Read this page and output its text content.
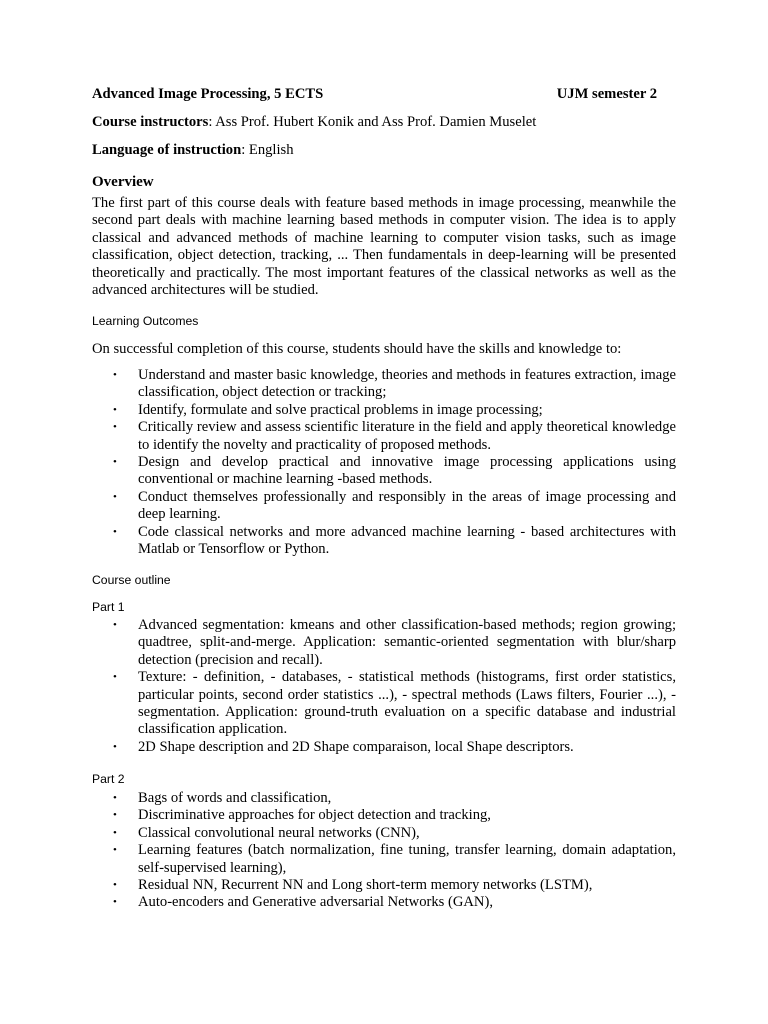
Advanced Image Processing, 5 ECTS	UJM semester 2

Course instructors: Ass Prof. Hubert Konik and Ass Prof. Damien Muselet

Language of instruction: English

Overview

The first part of this course deals with feature based methods in image processing, meanwhile the second part deals with machine learning based methods in computer vision. The idea is to apply classical and advanced methods of machine learning to computer vision tasks, such as image classification, object detection, tracking, ... Then fundamentals in deep-learning will be presented theoretically and practically. The most important features of the classical networks as well as the advanced architectures will be studied.

Learning Outcomes

On successful completion of this course, students should have the skills and knowledge to:

• Understand and master basic knowledge, theories and methods in features extraction, image classification, object detection or tracking;
• Identify, formulate and solve practical problems in image processing;
• Critically review and assess scientific literature in the field and apply theoretical knowledge to identify the novelty and practicality of proposed methods.
• Design and develop practical and innovative image processing applications using conventional or machine learning -based methods.
• Conduct themselves professionally and responsibly in the areas of image processing and deep learning.
• Code classical networks and more advanced machine learning - based architectures with Matlab or Tensorflow or Python.
Course outline
Part 1
• Advanced segmentation: kmeans and other classification-based methods; region growing; quadtree, split-and-merge. Application: semantic-oriented segmentation with blur/sharp detection (precision and recall).
• Texture: - definition, - databases, - statistical methods (histograms, first order statistics, particular points, second order statistics ...), - spectral methods (Laws filters, Fourier ...), - segmentation. Application: ground-truth evaluation on a specific database and industrial classification application.
• 2D Shape description and 2D Shape comparaison, local Shape descriptors.
Part 2
• Bags of words and classification,
• Discriminative approaches for object detection and tracking,
• Classical convolutional neural networks (CNN),
• Learning features (batch normalization, fine tuning, transfer learning, domain adaptation, self-supervised learning),
• Residual NN, Recurrent NN and Long short-term memory networks (LSTM),
• Auto-encoders and Generative adversarial Networks (GAN),
